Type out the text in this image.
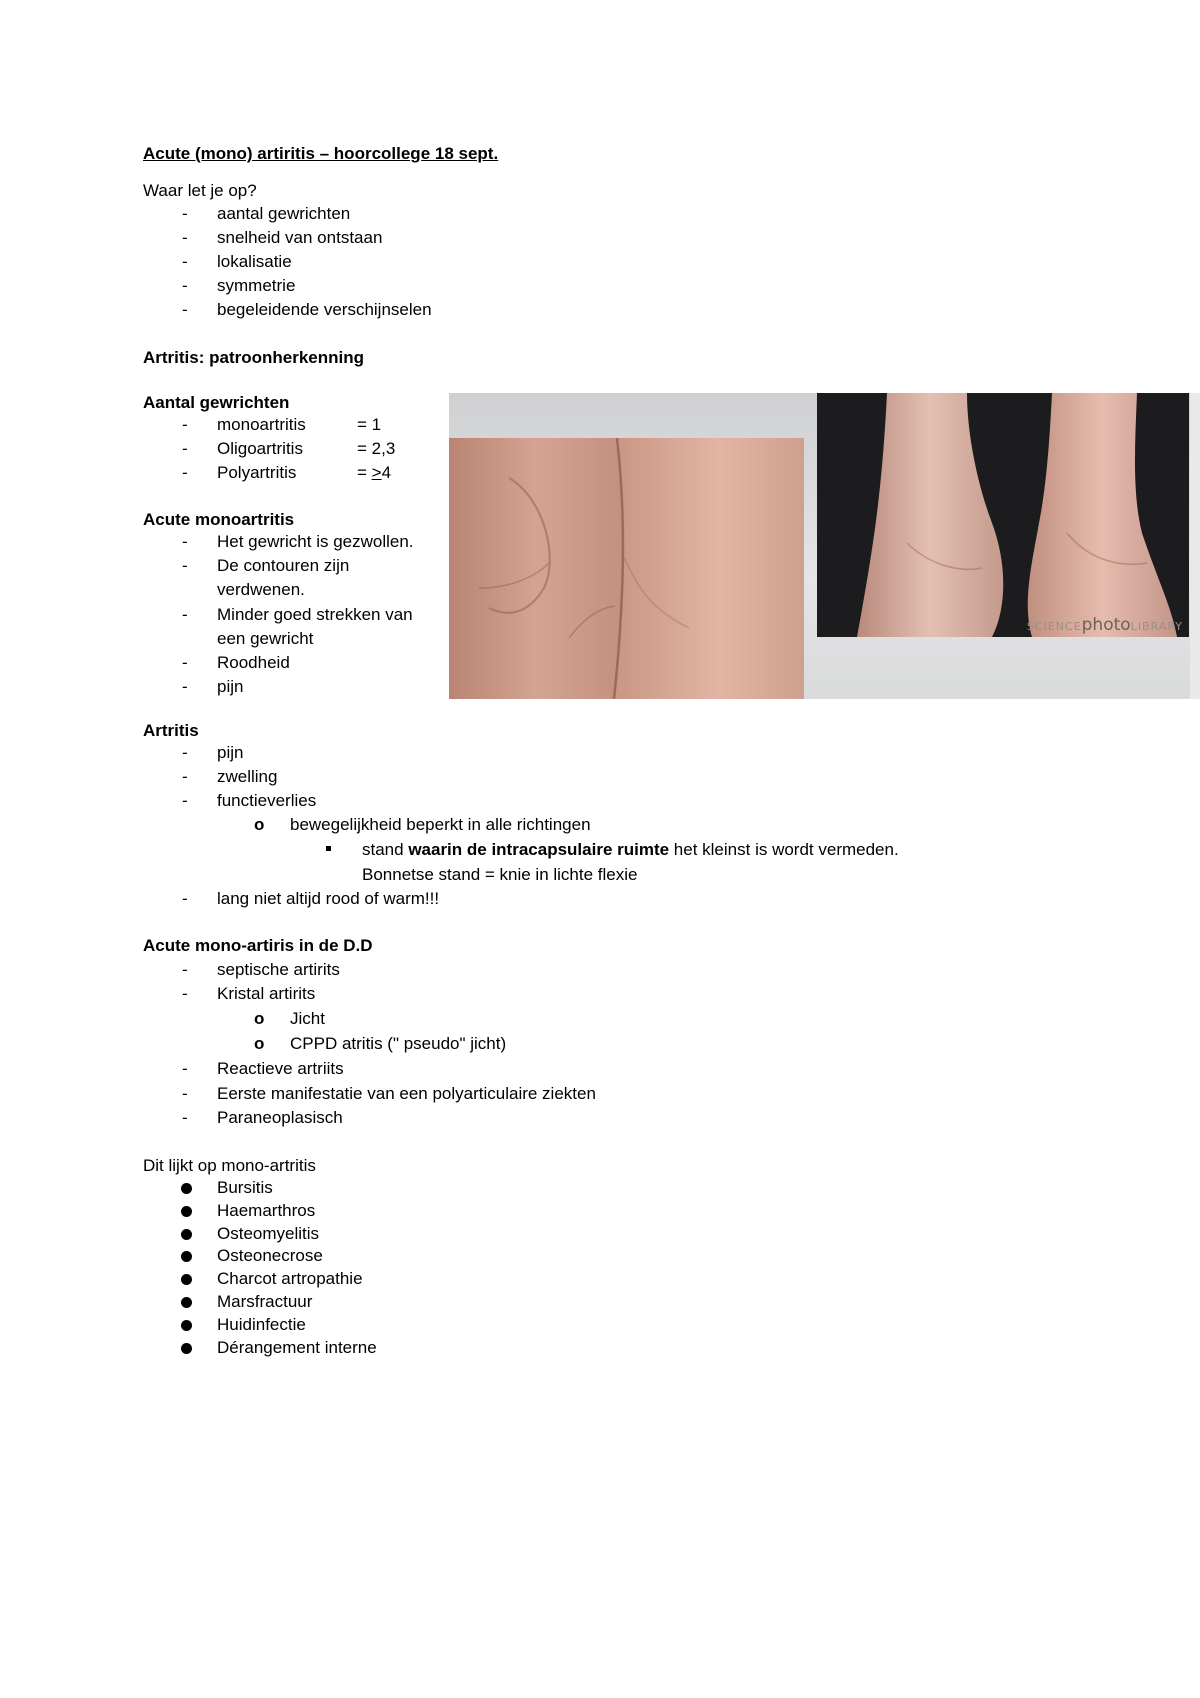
Acute (mono) artiritis – hoorcollege 18 sept.
Waar let je op?
- aantal gewrichten
- snelheid van ontstaan
- lokalisatie
- symmetrie
- begeleidende verschijnselen
Artritis: patroonherkenning
Aantal gewrichten
- monoartritis	= 1
- Oligoartritis	= 2,3
- Polyartritis	= >4
Acute monoartritis
- Het gewricht is gezwollen.
- De contouren zijn
verdwenen.
- Minder goed strekken van
een gewricht
- Roodheid
- pijn
SCIENCEphotoLIBRARY
Artritis
- pijn
- zwelling
- functieverlies
o bewegelijkheid beperkt in alle richtingen
stand waarin de intracapsulaire ruimte het kleinst is wordt vermeden.
Bonnetse stand = knie in lichte flexie
- lang niet altijd rood of warm!!!
Acute mono-artiris in de D.D
- septische artirits
- Kristal artirits
o Jicht
o CPPD atritis (" pseudo" jicht)
- Reactieve artriits
- Eerste manifestatie van een polyarticulaire ziekten
- Paraneoplasisch
Dit lijkt op mono-artritis
Bursitis
Haemarthros
Osteomyelitis
Osteonecrose
Charcot artropathie
Marsfractuur
Huidinfectie
Dérangement interne
